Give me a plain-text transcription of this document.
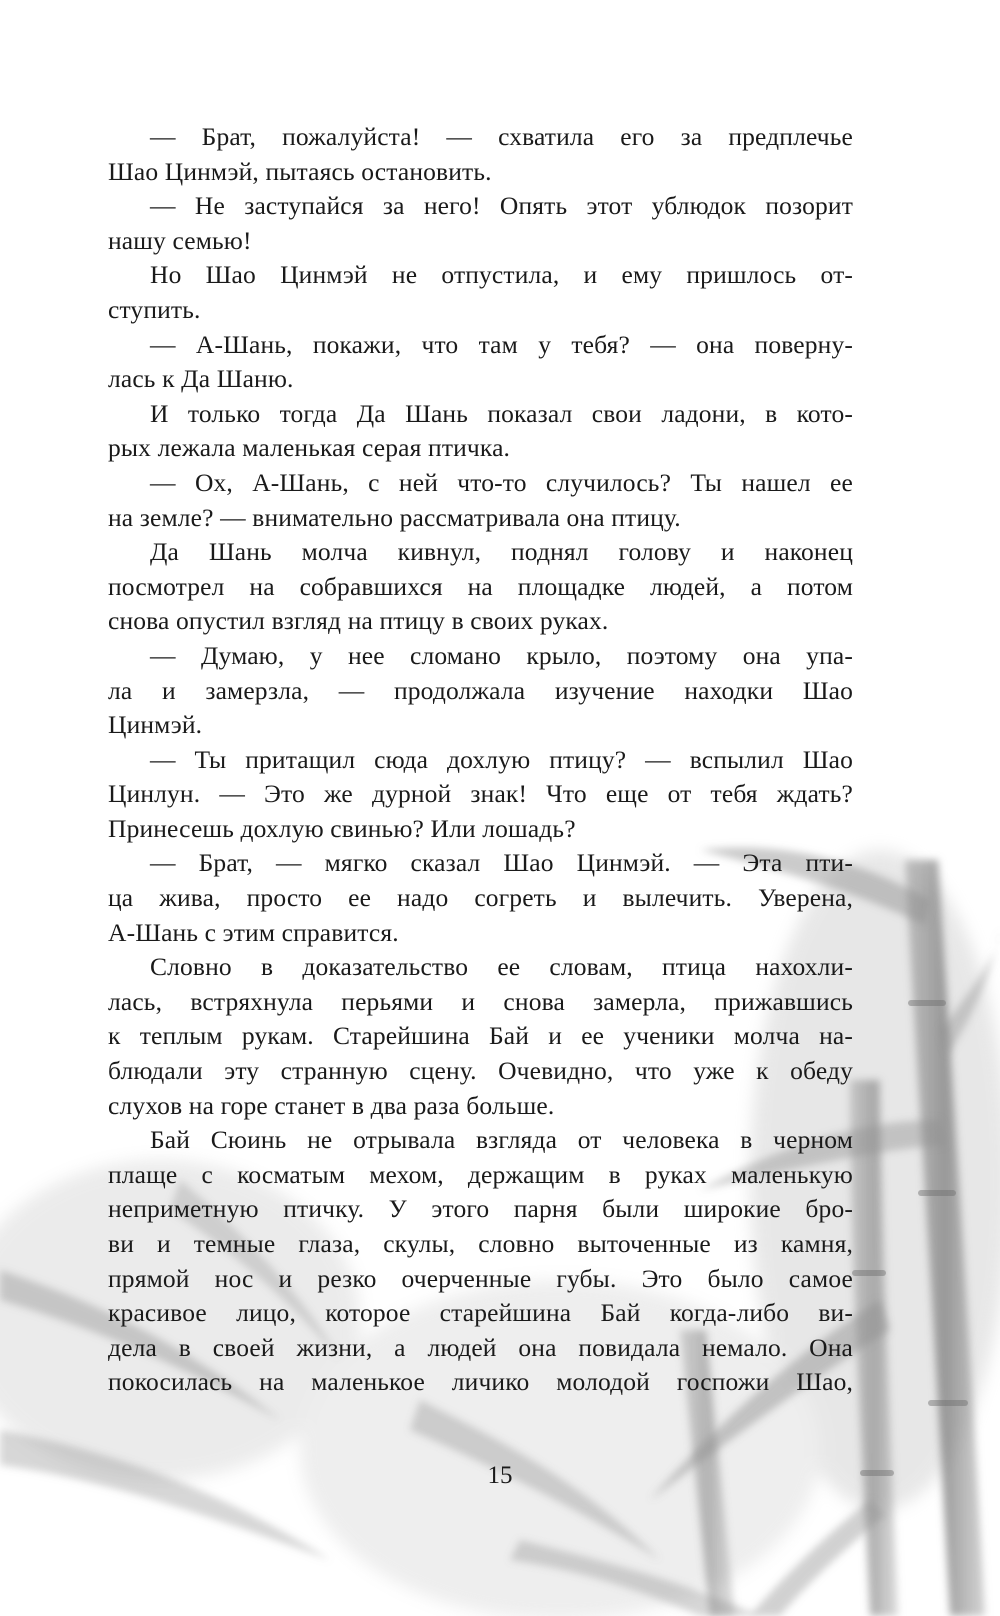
— Брат, пожалуйста! — схватила его за предплечье

Шао Цинмэй, пытаясь остановить.

— Не заступайся за него! Опять этот ублюдок позорит

нашу семью!

Но Шао Цинмэй не отпустила, и ему пришлось от-

ступить.

— А-Шань, покажи, что там у тебя? — она поверну-

лась к Да Шаню.

И только тогда Да Шань показал свои ладони, в кото-

рых лежала маленькая серая птичка.

— Ох, А-Шань, с ней что-то случилось? Ты нашел ее

на земле? — внимательно рассматривала она птицу.

Да Шань молча кивнул, поднял голову и наконец

посмотрел на собравшихся на площадке людей, а потом

снова опустил взгляд на птицу в своих руках.

— Думаю, у нее сломано крыло, поэтому она упа-

ла и замерзла, — продолжала изучение находки Шао

Цинмэй.

— Ты притащил сюда дохлую птицу? — вспылил Шао

Цинлун. — Это же дурной знак! Что еще от тебя ждать?

Принесешь дохлую свинью? Или лошадь?

— Брат, — мягко сказал Шао Цинмэй. — Эта пти-

ца жива, просто ее надо согреть и вылечить. Уверена,

А-Шань с этим справится.

Словно в доказательство ее словам, птица нахохли-

лась, встряхнула перьями и снова замерла, прижавшись

к теплым рукам. Старейшина Бай и ее ученики молча на-

блюдали эту странную сцену. Очевидно, что уже к обеду

слухов на горе станет в два раза больше.

Бай Сюинь не отрывала взгляда от человека в черном

плаще с косматым мехом, держащим в руках маленькую

неприметную птичку. У этого парня были широкие бро-

ви и темные глаза, скулы, словно выточенные из камня,

прямой нос и резко очерченные губы. Это было самое

красивое лицо, которое старейшина Бай когда-либо ви-

дела в своей жизни, а людей она повидала немало. Она

покосилась на маленькое личико молодой госпожи Шао,

15
